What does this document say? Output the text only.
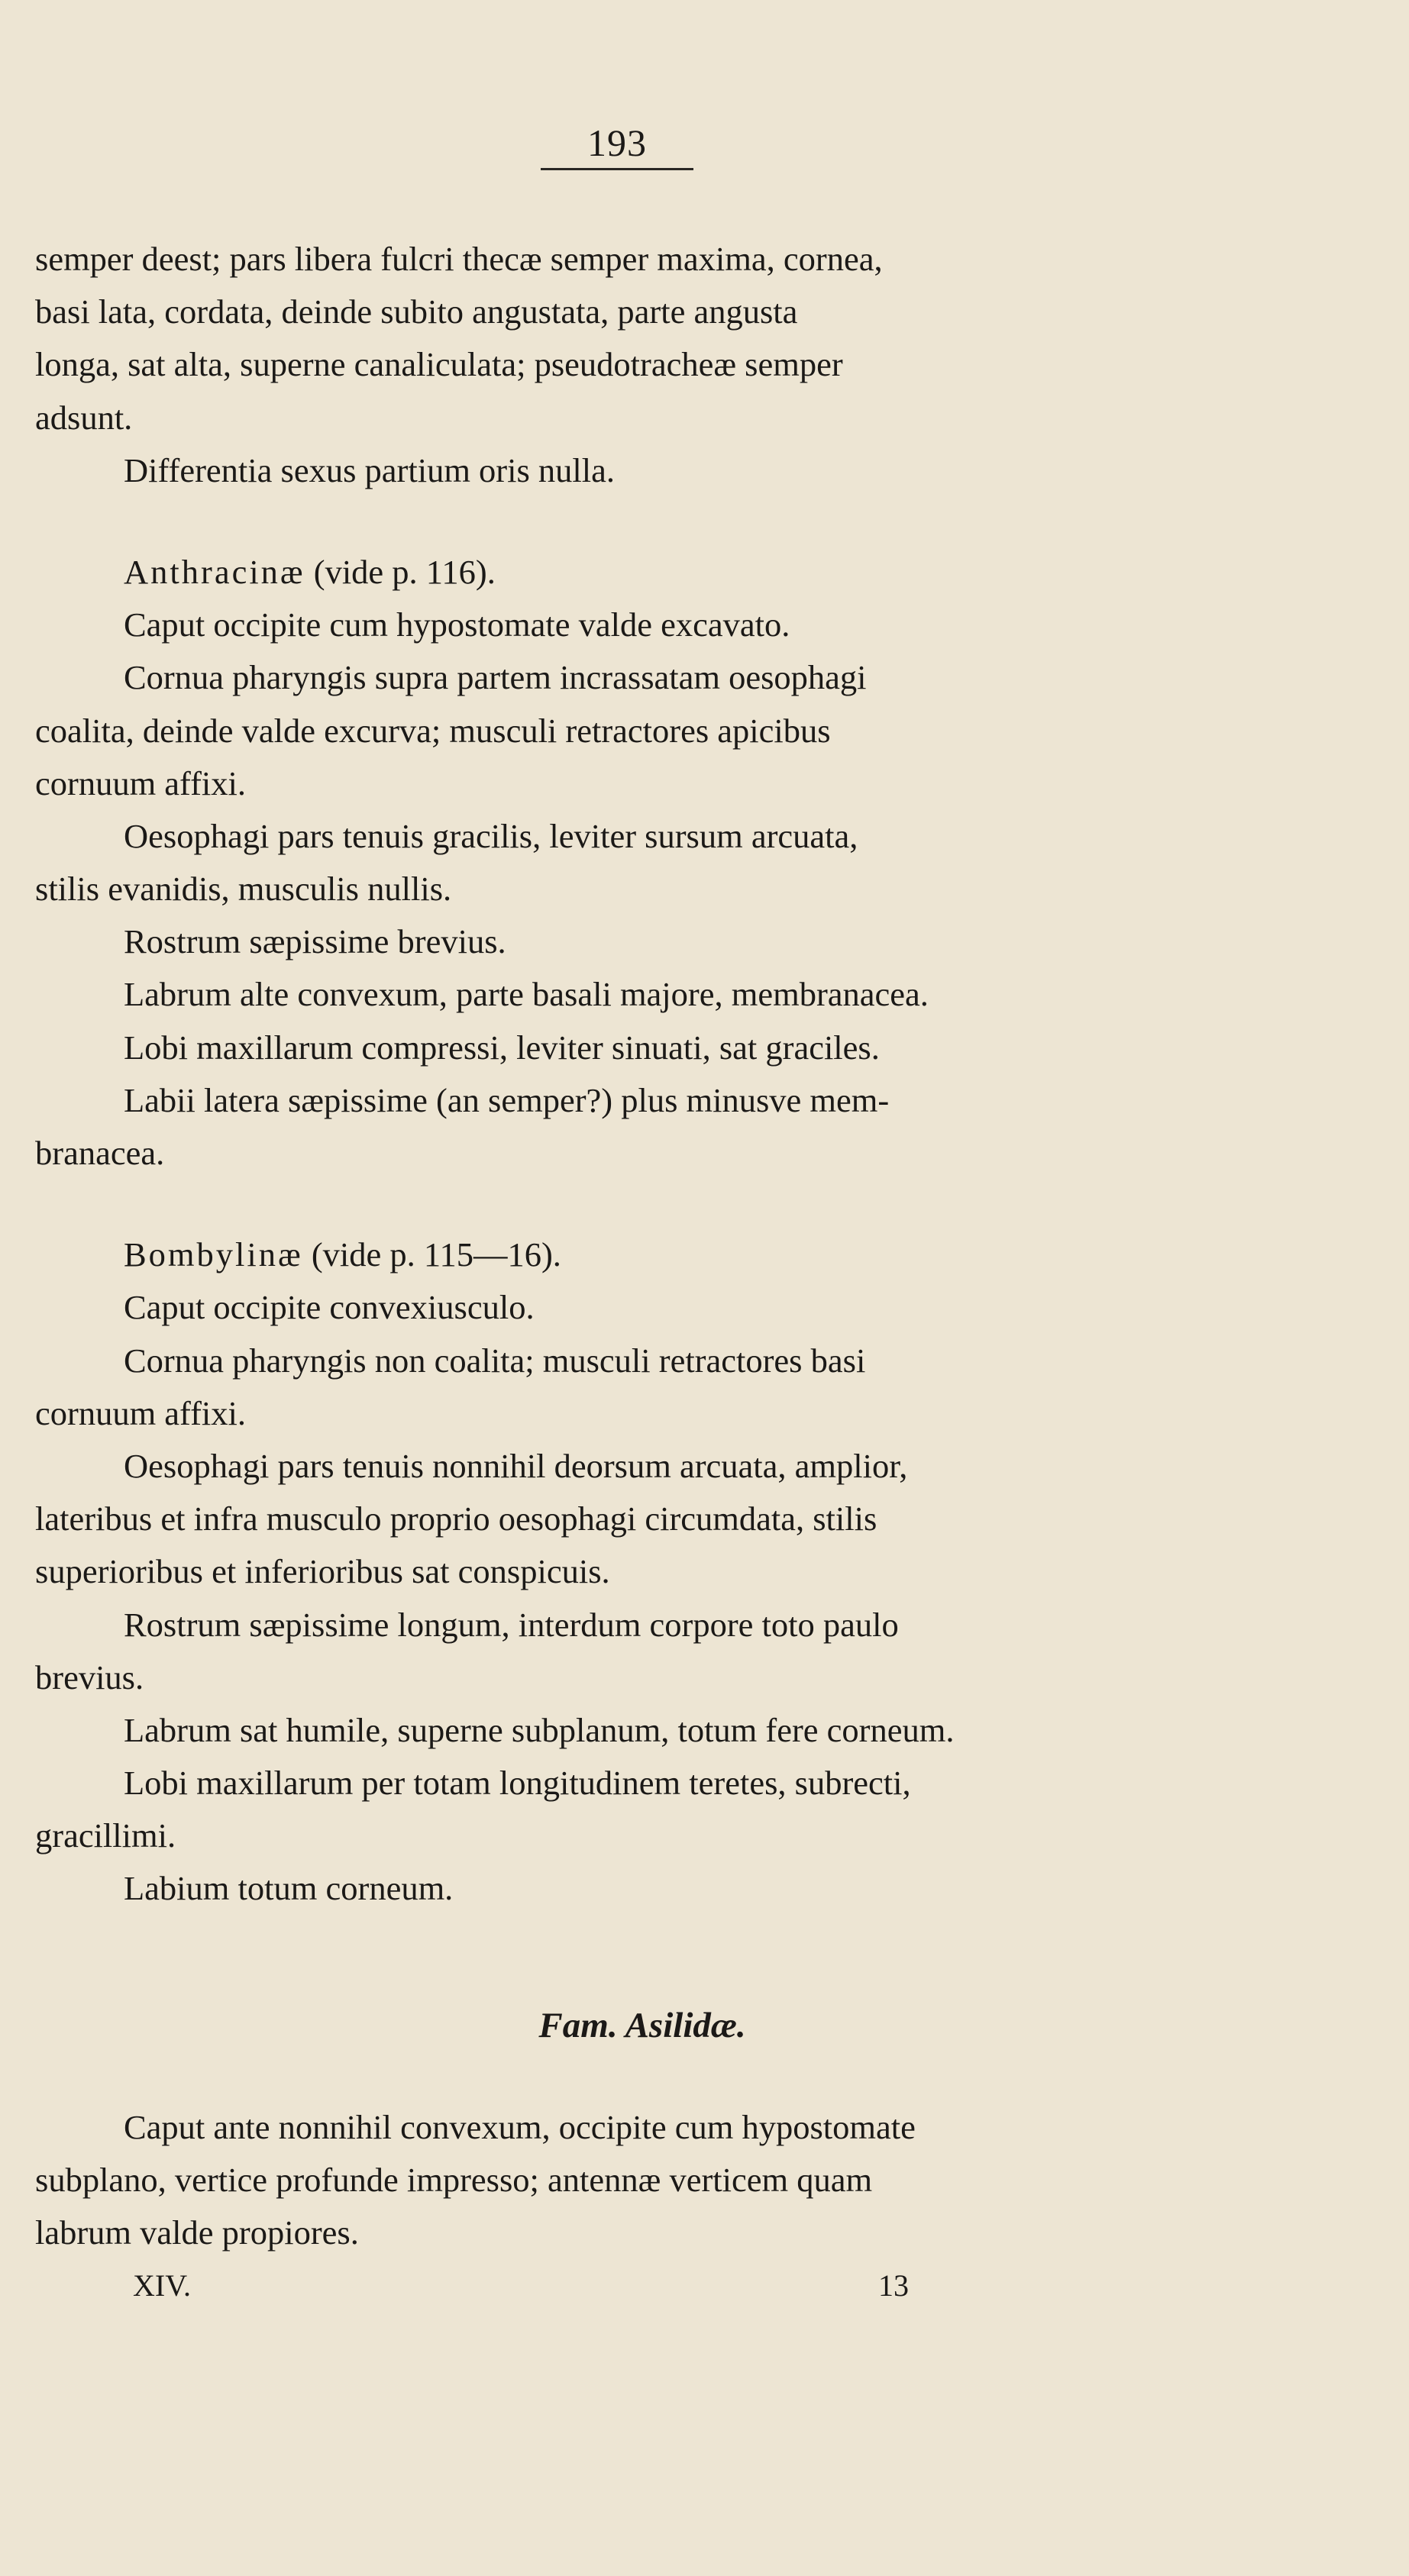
193
semper deest; pars libera fulcri thecæ semper maxima, cornea,
basi lata, cordata, deinde subito angustata, parte angusta
longa, sat alta, superne canaliculata; pseudotracheæ semper
adsunt.
Differentia sexus partium oris nulla.
Anthracinæ (vide p. 116).
Caput occipite cum hypostomate valde excavato.
Cornua pharyngis supra partem incrassatam oesophagi
coalita, deinde valde excurva; musculi retractores apicibus
cornuum affixi.
Oesophagi pars tenuis gracilis, leviter sursum arcuata,
stilis evanidis, musculis nullis.
Rostrum sæpissime brevius.
Labrum alte convexum, parte basali majore, membranacea.
Lobi maxillarum compressi, leviter sinuati, sat graciles.
Labii latera sæpissime (an semper?) plus minusve mem-
branacea.
Bombylinæ (vide p. 115—16).
Caput occipite convexiusculo.
Cornua pharyngis non coalita; musculi retractores basi
cornuum affixi.
Oesophagi pars tenuis nonnihil deorsum arcuata, amplior,
lateribus et infra musculo proprio oesophagi circumdata, stilis
superioribus et inferioribus sat conspicuis.
Rostrum sæpissime longum, interdum corpore toto paulo
brevius.
Labrum sat humile, superne subplanum, totum fere corneum.
Lobi maxillarum per totam longitudinem teretes, subrecti,
gracillimi.
Labium totum corneum.
Fam. Asilidæ.
Caput ante nonnihil convexum, occipite cum hypostomate
subplano, vertice profunde impresso; antennæ verticem quam
labrum valde propiores.
XIV.	13
